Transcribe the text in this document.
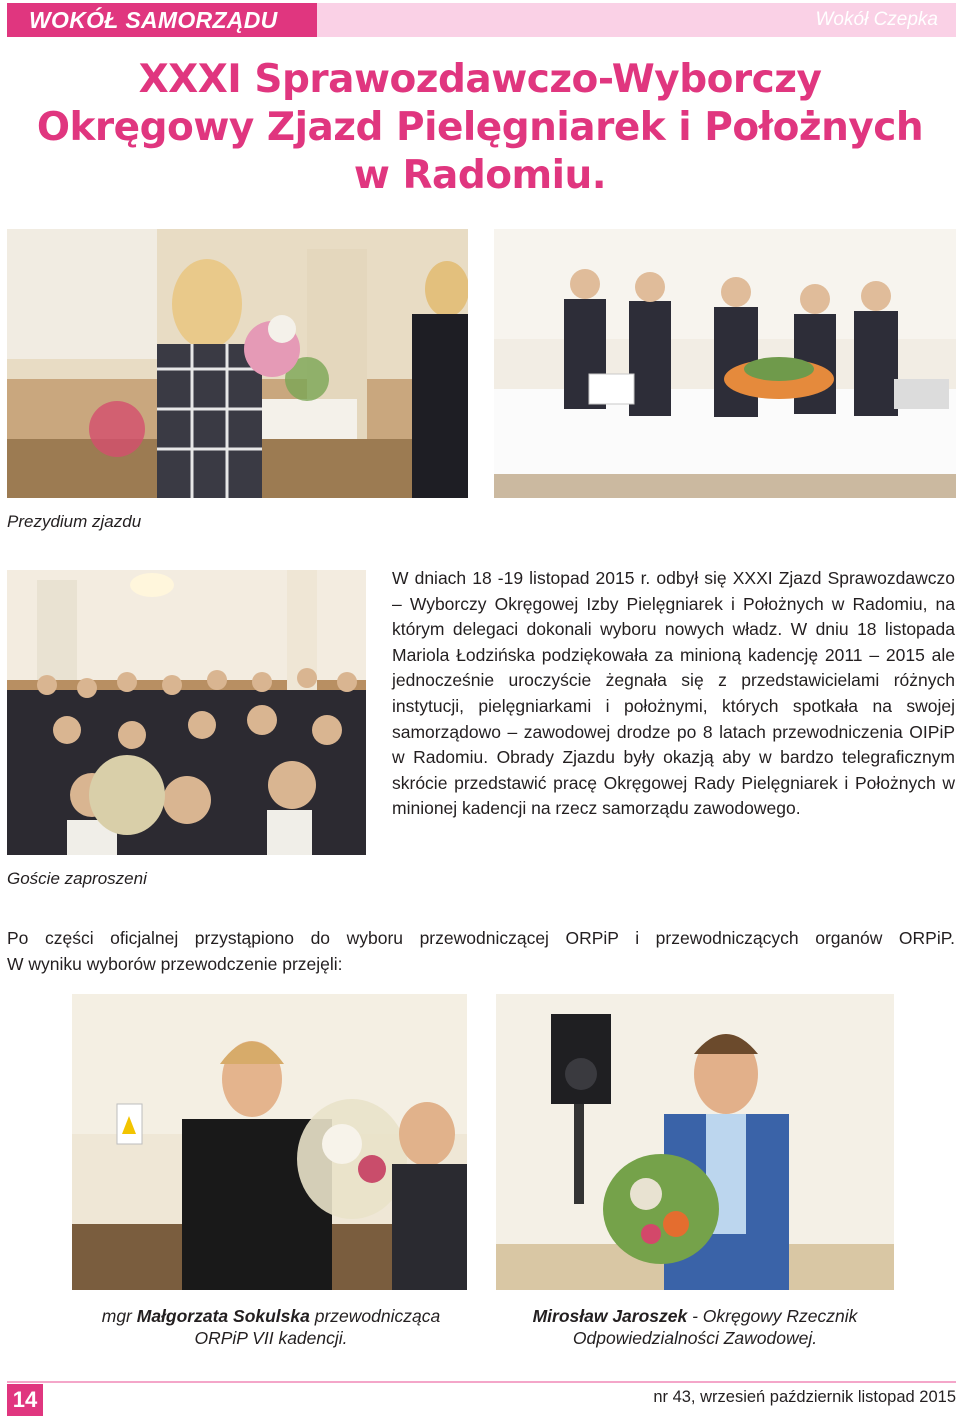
WOKÓŁ SAMORZĄDU	Wokół Czepka
XXXI Sprawozdawczo-Wyborczy
Okręgowy Zjazd Pielęgniarek i Położnych
w Radomiu.
Prezydium zjazdu
Goście zaproszeni

W dniach 18 -19 listopad 2015 r. odbył się XXXI Zjazd Sprawozdawczo – Wyborczy Okręgowej Izby Pielęgniarek i Położnych w Radomiu, na którym delegaci dokonali wyboru nowych władz. W dniu 18 listopada Mariola Łodzińska podziękowała za minioną kadencję 2011 – 2015 ale jednocześnie uroczyście żegnała się z przedstawicielami różnych instytucji, pielęgniarkami i położnymi, których spotkała na swojej samorządowo – zawodowej drodze po 8 latach przewodniczenia OIPiP w Radomiu. Obrady Zjazdu były okazją aby w bardzo telegraficznym skrócie przedstawić pracę Okręgowej Rady Pielęgniarek i Położnych w minionej kadencji na rzecz samorządu zawodowego.

Po części oficjalnej przystąpiono do wyboru przewodniczącej ORPiP i przewodniczących organów ORPiP.
W wyniku wyborów przewodczenie przejęli:
mgr Małgorzata Sokulska przewodnicząca
ORPiP VII kadencji.
Mirosław Jaroszek - Okręgowy Rzecznik
Odpowiedzialności Zawodowej.
14	nr 43, wrzesień październik listopad 2015
